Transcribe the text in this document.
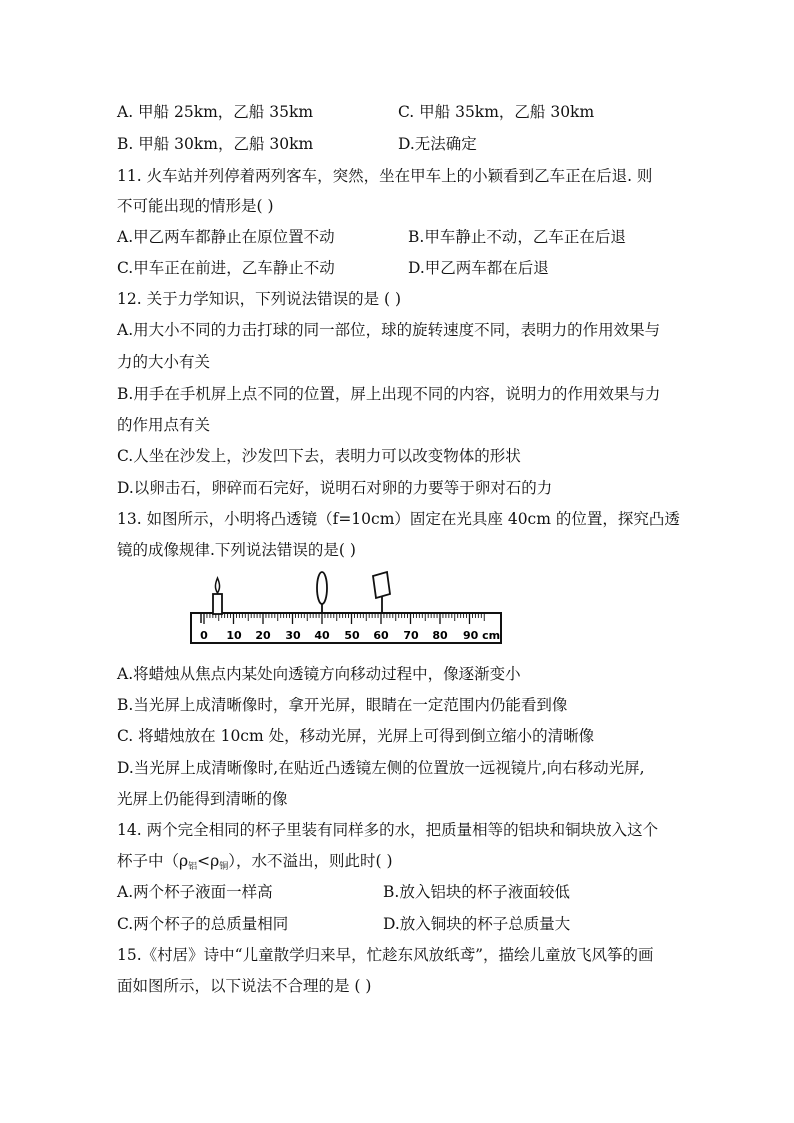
A. 甲船 25km，乙船 35km	C. 甲船 35km，乙船 30km
B. 甲船 30km，乙船 30km	D.无法确定
11. 火车站并列停着两列客车，突然，坐在甲车上的小颖看到乙车正在后退. 则
不可能出现的情形是( )
A.甲乙两车都静止在原位置不动	B.甲车静止不动，乙车正在后退
C.甲车正在前进，乙车静止不动	D.甲乙两车都在后退
12. 关于力学知识，下列说法错误的是 ( )
A.用大小不同的力击打球的同一部位，球的旋转速度不同，表明力的作用效果与
力的大小有关
B.用手在手机屏上点不同的位置，屏上出现不同的内容，说明力的作用效果与力
的作用点有关
C.人坐在沙发上，沙发凹下去，表明力可以改变物体的形状
D.以卵击石，卵碎而石完好，说明石对卵的力要等于卵对石的力
13. 如图所示，小明将凸透镜（f=10cm）固定在光具座 40cm 的位置，探究凸透
镜的成像规律.下列说法错误的是( )
0 10 20 30 40 50 60 70 80 90 cm
A.将蜡烛从焦点内某处向透镜方向移动过程中，像逐渐变小
B.当光屏上成清晰像时，拿开光屏，眼睛在一定范围内仍能看到像
C. 将蜡烛放在 10cm 处，移动光屏，光屏上可得到倒立缩小的清晰像
D.当光屏上成清晰像时,在贴近凸透镜左侧的位置放一远视镜片,向右移动光屏,
光屏上仍能得到清晰的像
14. 两个完全相同的杯子里装有同样多的水，把质量相等的铝块和铜块放入这个
杯子中$(\rho_铝<\rho_铜)$，水不溢出，则此时( )
A.两个杯子液面一样高	B.放入铝块的杯子液面较低
C.两个杯子的总质量相同	D.放入铜块的杯子总质量大
15.《村居》诗中“儿童散学归来早，忙趁东风放纸鸢”，描绘儿童放飞风筝的画
面如图所示，以下说法不合理的是 ( )
